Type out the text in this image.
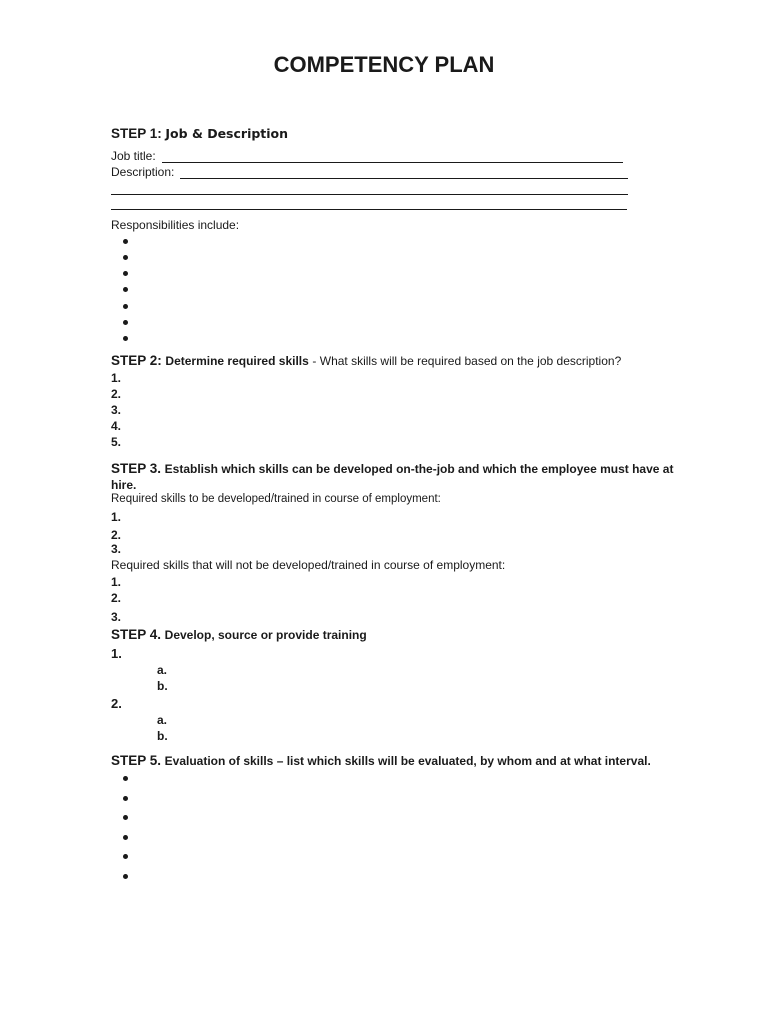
COMPETENCY PLAN
STEP 1: Job & Description
Job title:
Description:
Responsibilities include:
STEP 2: Determine required skills - What skills will be required based on the job description?
1.
2.
3.
4.
5.
STEP 3. Establish which skills can be developed on-the-job and which the employee must have at
hire.
Required skills to be developed/trained in course of employment:
1.
2.
3.
Required skills that will not be developed/trained in course of employment:
1.
2.
3.
STEP 4. Develop, source or provide training
1.
a.
b.
2.
a.
b.
STEP 5. Evaluation of skills – list which skills will be evaluated, by whom and at what interval.
